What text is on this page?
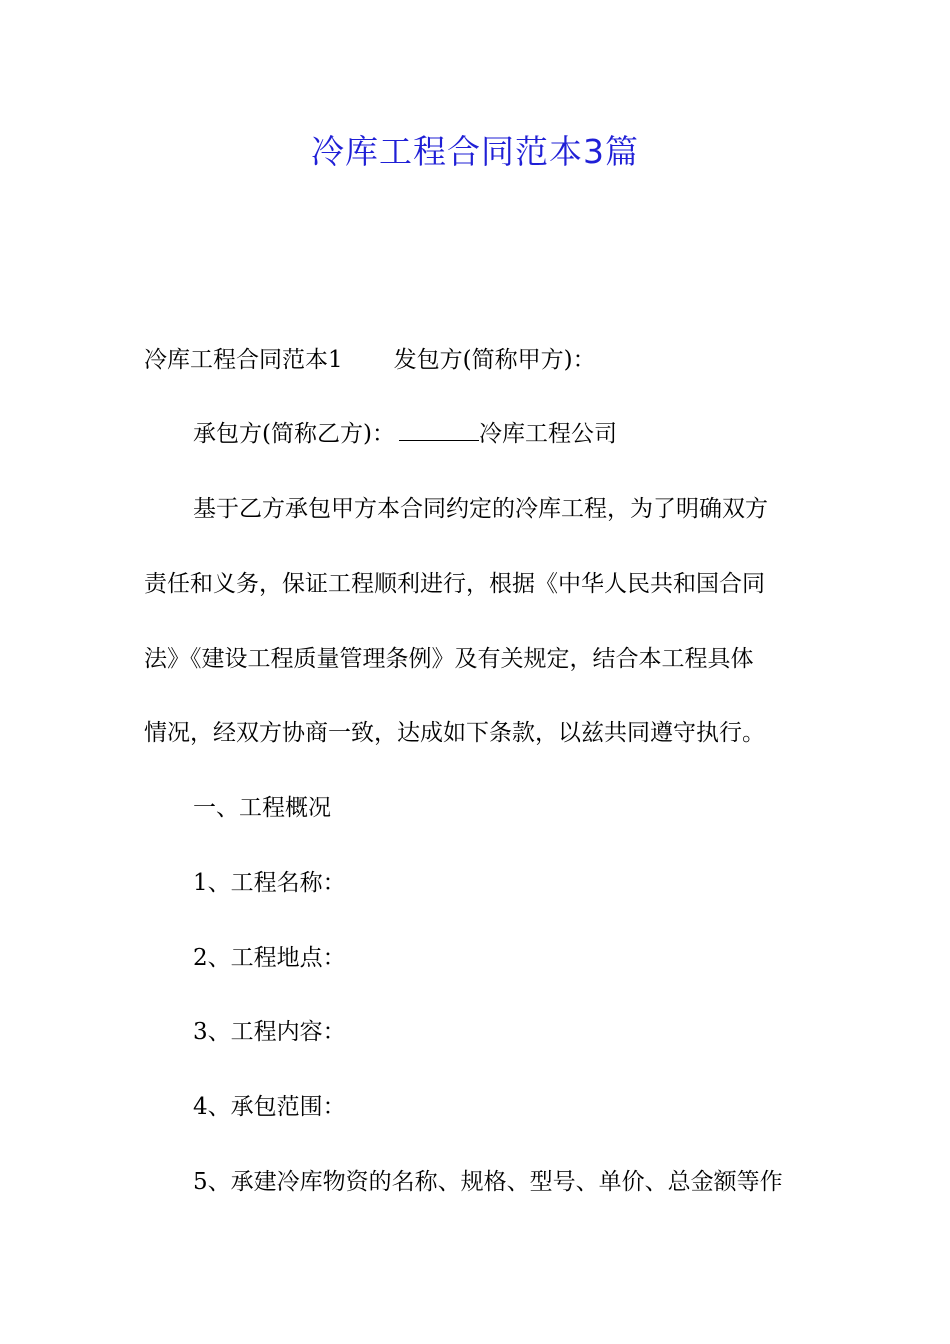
冷库工程合同范本3篇

冷库工程合同范本1 发包方(简称甲方)：

承包方(简称乙方)：	冷库工程公司

基于乙方承包甲方本合同约定的冷库工程，为了明确双方

责任和义务，保证工程顺利进行，根据《中华人民共和国合同

法》《建设工程质量管理条例》及有关规定，结合本工程具体

情况，经双方协商一致，达成如下条款，以兹共同遵守执行。

一、工程概况

1、工程名称：

2、工程地点：

3、工程内容：

4、承包范围：

5、承建冷库物资的名称、规格、型号、单价、总金额等作
